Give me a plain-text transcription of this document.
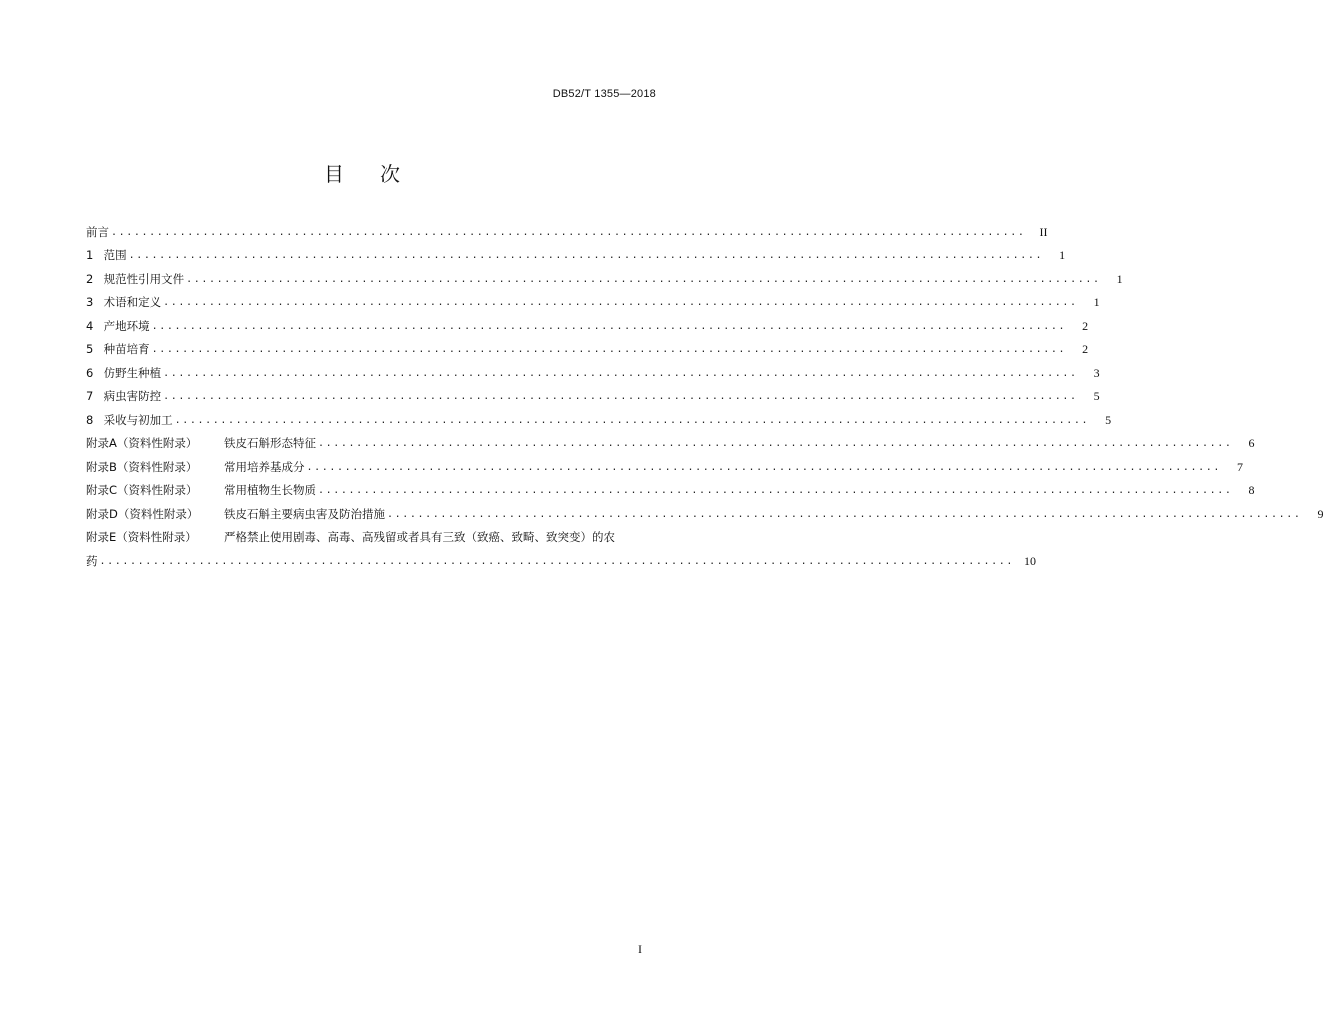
DB52/T 1355—2018
目 次
前言 ........................................................................................................................	II
1 范围 ........................................................................................................................	1
2 规范性引用文件 ........................................................................................................................	1
3 术语和定义 ........................................................................................................................	1
4 产地环境 ........................................................................................................................	2
5 种苗培育 ........................................................................................................................	2
6 仿野生种植 ........................................................................................................................	3
7 病虫害防控 ........................................................................................................................	5
8 采收与初加工 ........................................................................................................................	5
附录A（资料性附录） 铁皮石斛形态特征 ........................................................................................................................	6
附录B（资料性附录） 常用培养基成分 ........................................................................................................................	7
附录C（资料性附录） 常用植物生长物质 ........................................................................................................................	8
附录D（资料性附录） 铁皮石斛主要病虫害及防治措施 ........................................................................................................................	9
附录E（资料性附录） 严格禁止使用剧毒、高毒、高残留或者具有三致（致癌、致畸、致突变）的农
药 ........................................................................................................................ 10
I
